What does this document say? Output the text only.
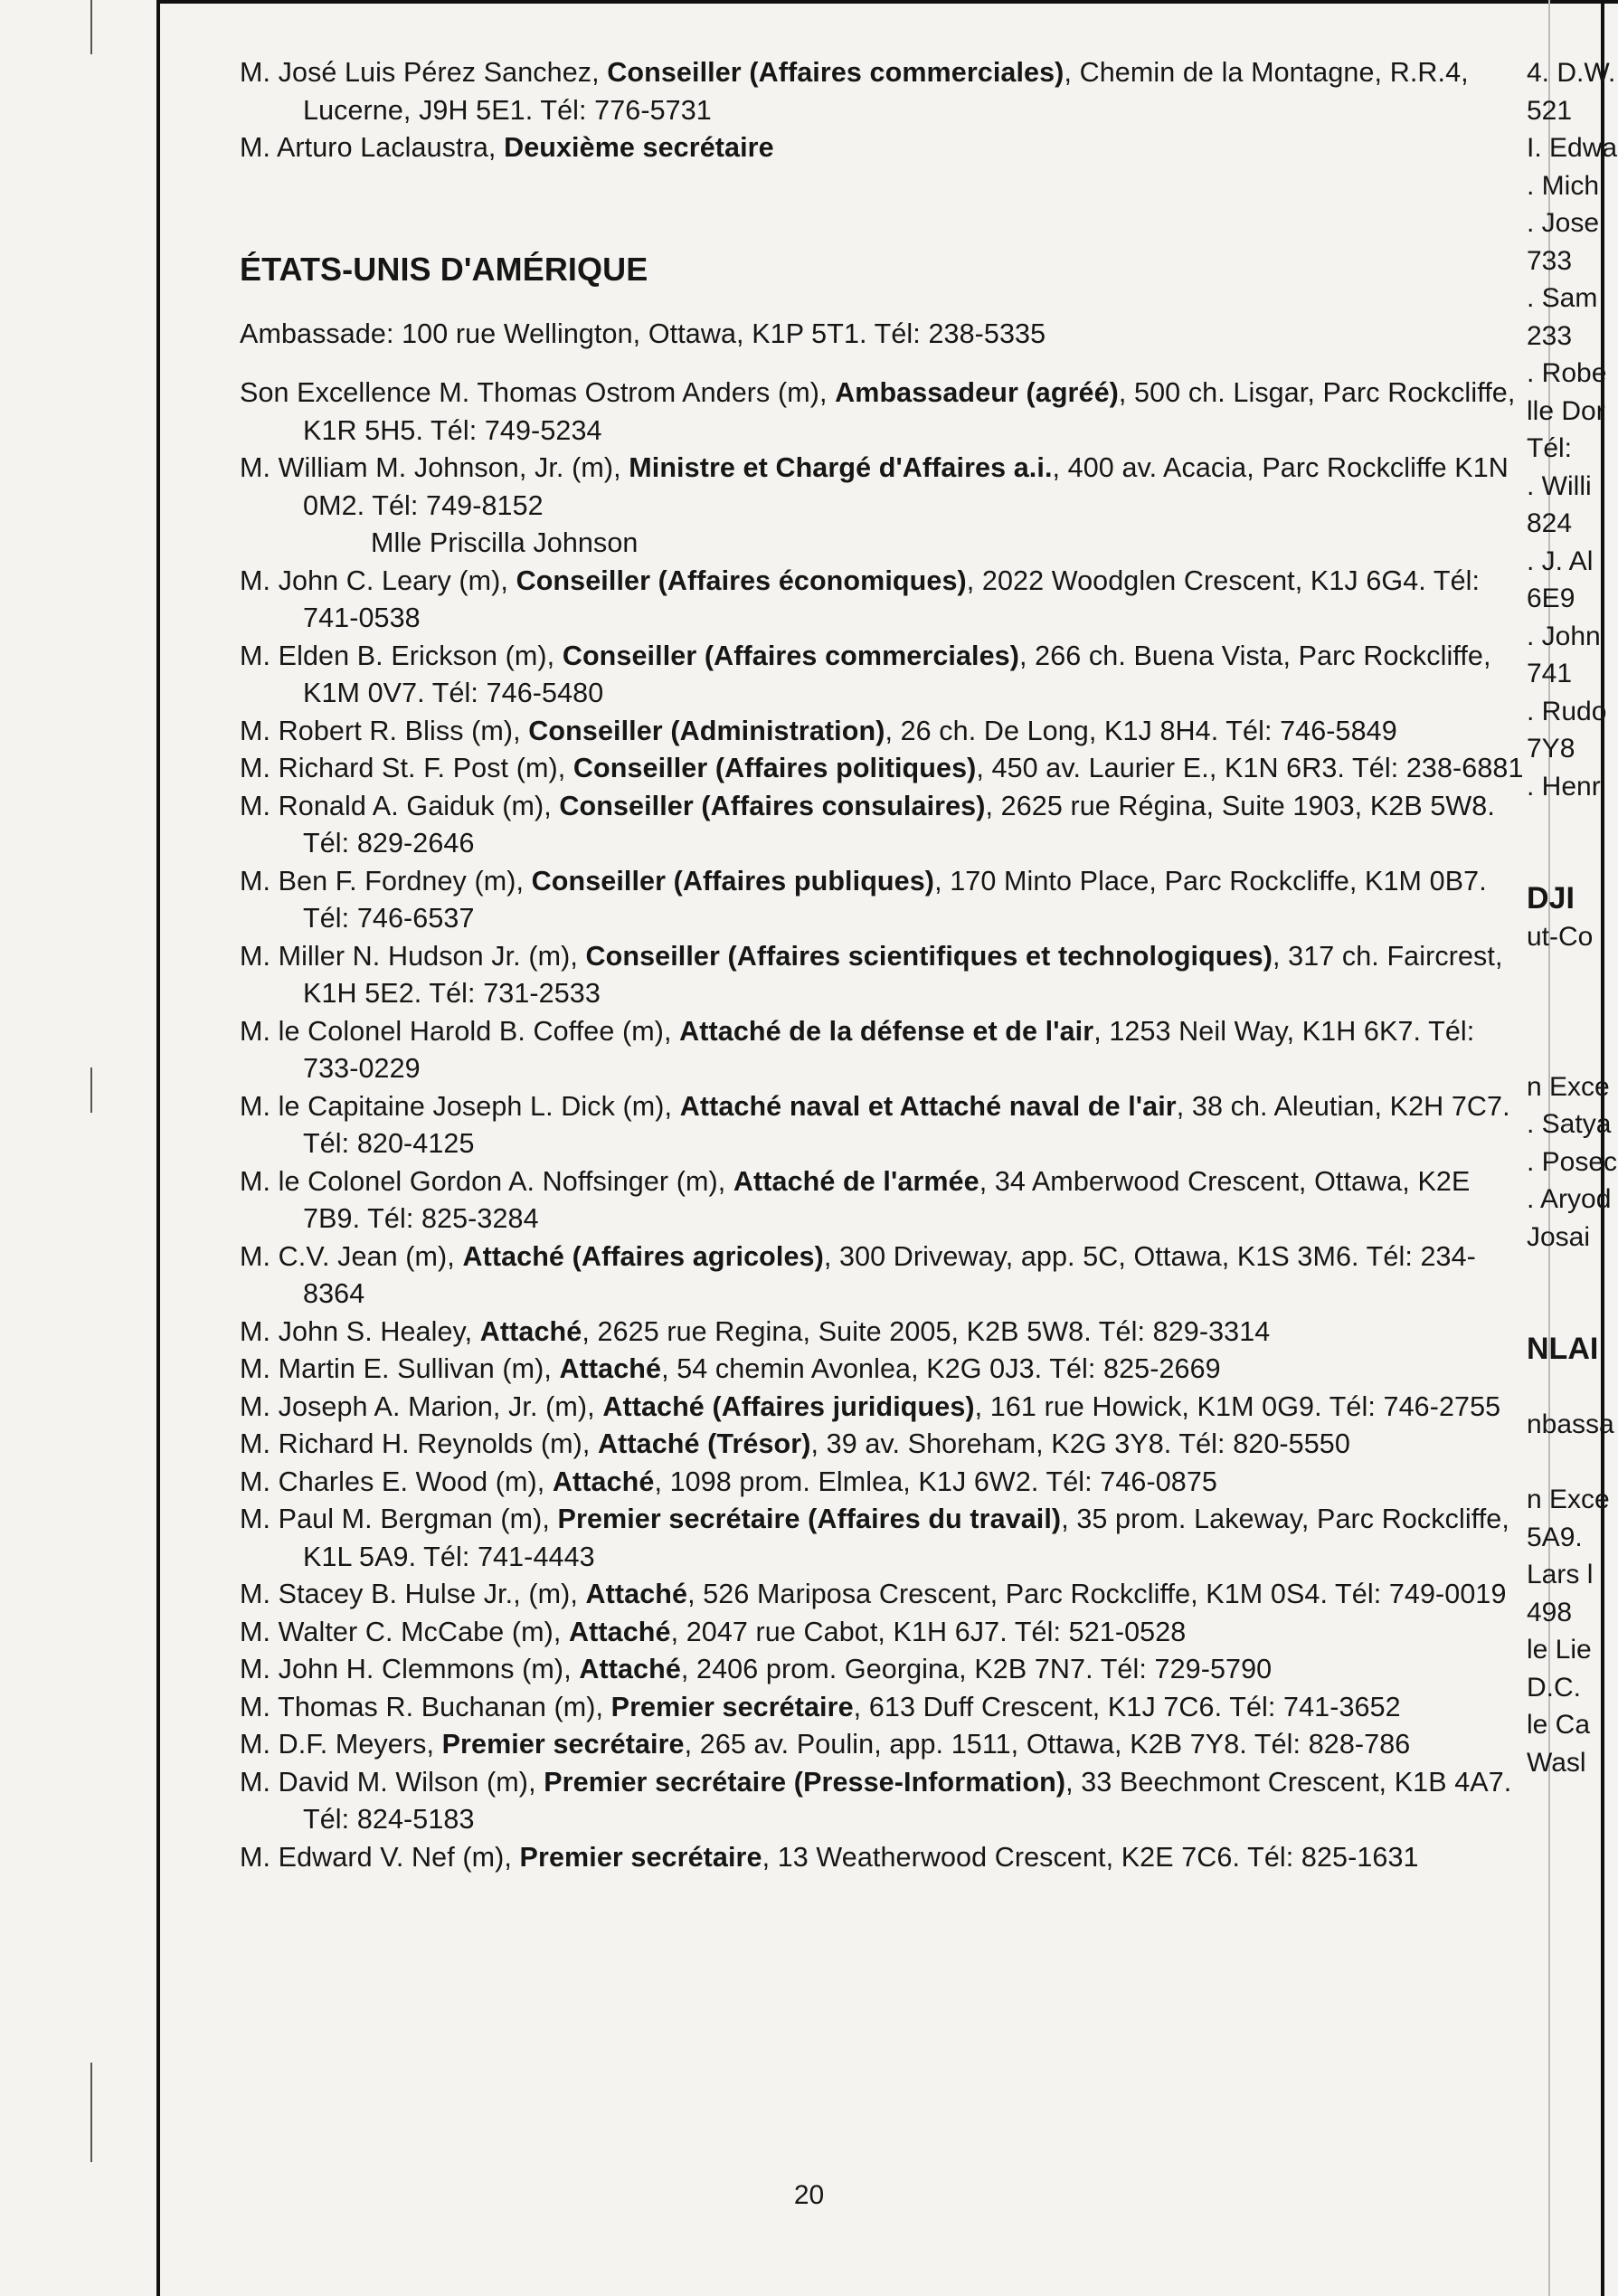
M. José Luis Pérez Sanchez, Conseiller (Affaires commerciales), Chemin de la Montagne, R.R.4, Lucerne, J9H 5E1. Tél: 776-5731

M. Arturo Laclaustra, Deuxième secrétaire

ÉTATS-UNIS D'AMÉRIQUE

Ambassade: 100 rue Wellington, Ottawa, K1P 5T1. Tél: 238-5335

Son Excellence M. Thomas Ostrom Anders (m), Ambassadeur (agréé), 500 ch. Lisgar, Parc Rockcliffe, K1R 5H5. Tél: 749-5234

M. William M. Johnson, Jr. (m), Ministre et Chargé d'Affaires a.i., 400 av. Acacia, Parc Rockcliffe K1N 0M2. Tél: 749-8152

Mlle Priscilla Johnson

M. John C. Leary (m), Conseiller (Affaires économiques), 2022 Woodglen Crescent, K1J 6G4. Tél: 741-0538

M. Elden B. Erickson (m), Conseiller (Affaires commerciales), 266 ch. Buena Vista, Parc Rockcliffe, K1M 0V7. Tél: 746-5480

M. Robert R. Bliss (m), Conseiller (Administration), 26 ch. De Long, K1J 8H4. Tél: 746-5849

M. Richard St. F. Post (m), Conseiller (Affaires politiques), 450 av. Laurier E., K1N 6R3. Tél: 238-6881

M. Ronald A. Gaiduk (m), Conseiller (Affaires consulaires), 2625 rue Régina, Suite 1903, K2B 5W8. Tél: 829-2646

M. Ben F. Fordney (m), Conseiller (Affaires publiques), 170 Minto Place, Parc Rockcliffe, K1M 0B7. Tél: 746-6537

M. Miller N. Hudson Jr. (m), Conseiller (Affaires scientifiques et technologiques), 317 ch. Faircrest, K1H 5E2. Tél: 731-2533

M. le Colonel Harold B. Coffee (m), Attaché de la défense et de l'air, 1253 Neil Way, K1H 6K7. Tél: 733-0229

M. le Capitaine Joseph L. Dick (m), Attaché naval et Attaché naval de l'air, 38 ch. Aleutian, K2H 7C7. Tél: 820-4125

M. le Colonel Gordon A. Noffsinger (m), Attaché de l'armée, 34 Amberwood Crescent, Ottawa, K2E 7B9. Tél: 825-3284

M. C.V. Jean (m), Attaché (Affaires agricoles), 300 Driveway, app. 5C, Ottawa, K1S 3M6. Tél: 234-8364

M. John S. Healey, Attaché, 2625 rue Regina, Suite 2005, K2B 5W8. Tél: 829-3314

M. Martin E. Sullivan (m), Attaché, 54 chemin Avonlea, K2G 0J3. Tél: 825-2669

M. Joseph A. Marion, Jr. (m), Attaché (Affaires juridiques), 161 rue Howick, K1M 0G9. Tél: 746-2755

M. Richard H. Reynolds (m), Attaché (Trésor), 39 av. Shoreham, K2G 3Y8. Tél: 820-5550

M. Charles E. Wood (m), Attaché, 1098 prom. Elmlea, K1J 6W2. Tél: 746-0875

M. Paul M. Bergman (m), Premier secrétaire (Affaires du travail), 35 prom. Lakeway, Parc Rockcliffe, K1L 5A9. Tél: 741-4443

M. Stacey B. Hulse Jr., (m), Attaché, 526 Mariposa Crescent, Parc Rockcliffe, K1M 0S4. Tél: 749-0019

M. Walter C. McCabe (m), Attaché, 2047 rue Cabot, K1H 6J7. Tél: 521-0528

M. John H. Clemmons (m), Attaché, 2406 prom. Georgina, K2B 7N7. Tél: 729-5790

M. Thomas R. Buchanan (m), Premier secrétaire, 613 Duff Crescent, K1J 7C6. Tél: 741-3652

M. D.F. Meyers, Premier secrétaire, 265 av. Poulin, app. 1511, Ottawa, K2B 7Y8. Tél: 828-786

M. David M. Wilson (m), Premier secrétaire (Presse-Information), 33 Beechmont Crescent, K1B 4A7. Tél: 824-5183

M. Edward V. Nef (m), Premier secrétaire, 13 Weatherwood Crescent, K2E 7C6. Tél: 825-1631

4. D.W.
521
I. Edwa
. Mich
. Jose
733
. Sam
233
. Robe
lle Dor
Tél:
. Willi
824
. J. Al
6E9
. John
741
. Rudo
7Y8
. Henr
DJI
ut-Co
n Exce
. Satya
. Posec
. Aryod
Josai
NLAI
nbassa
n Exce
5A9.
Lars l
498
le Lie
D.C.
le Ca
Wasl
20
